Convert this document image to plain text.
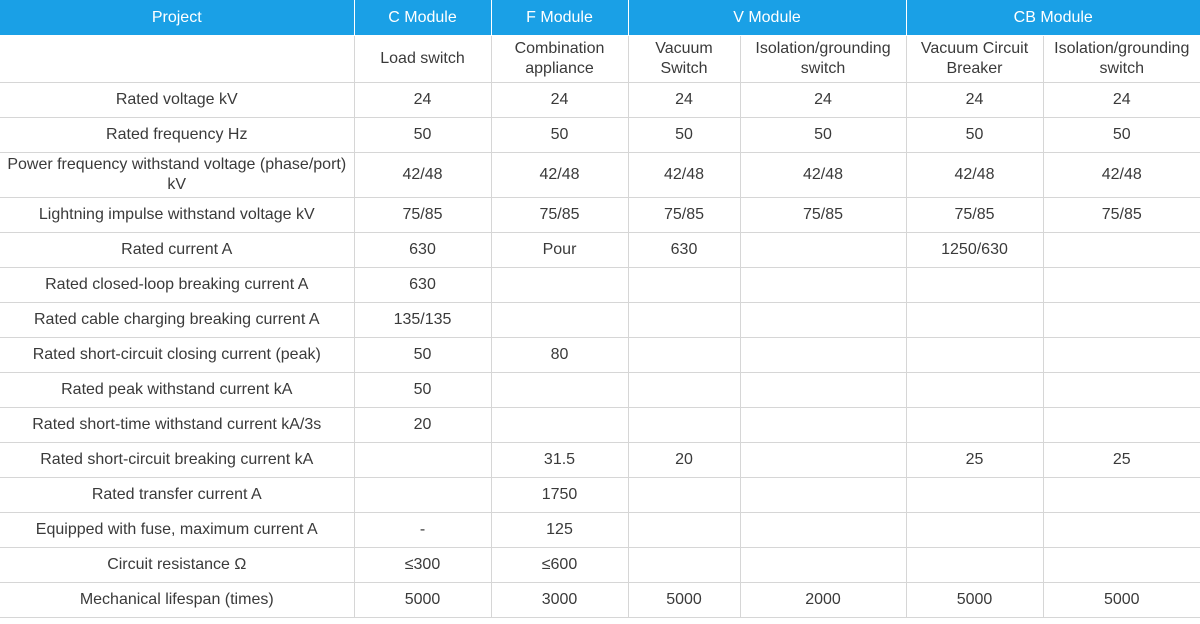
Project	C Module	F Module	V Module		CB Module	
	Load switch	Combination appliance	Vacuum Switch	Isolation/grounding switch	Vacuum Circuit Breaker	Isolation/grounding switch
Rated voltage kV	24	24	24	24	24	24
Rated frequency Hz	50	50	50	50	50	50
Power frequency withstand voltage (phase/port) kV	42/48	42/48	42/48	42/48	42/48	42/48
Lightning impulse withstand voltage kV	75/85	75/85	75/85	75/85	75/85	75/85
Rated current A	630	Pour	630		1250/630	
Rated closed-loop breaking current A	630					
Rated cable charging breaking current A	135/135					
Rated short-circuit closing current (peak)	50	80				
Rated peak withstand current kA	50					
Rated short-time withstand current kA/3s	20					
Rated short-circuit breaking current kA		31.5	20		25	25
Rated transfer current A		1750				
Equipped with fuse, maximum current A	-	125				
Circuit resistance Ω	≤300	≤600				
Mechanical lifespan (times)	5000	3000	5000	2000	5000	5000
